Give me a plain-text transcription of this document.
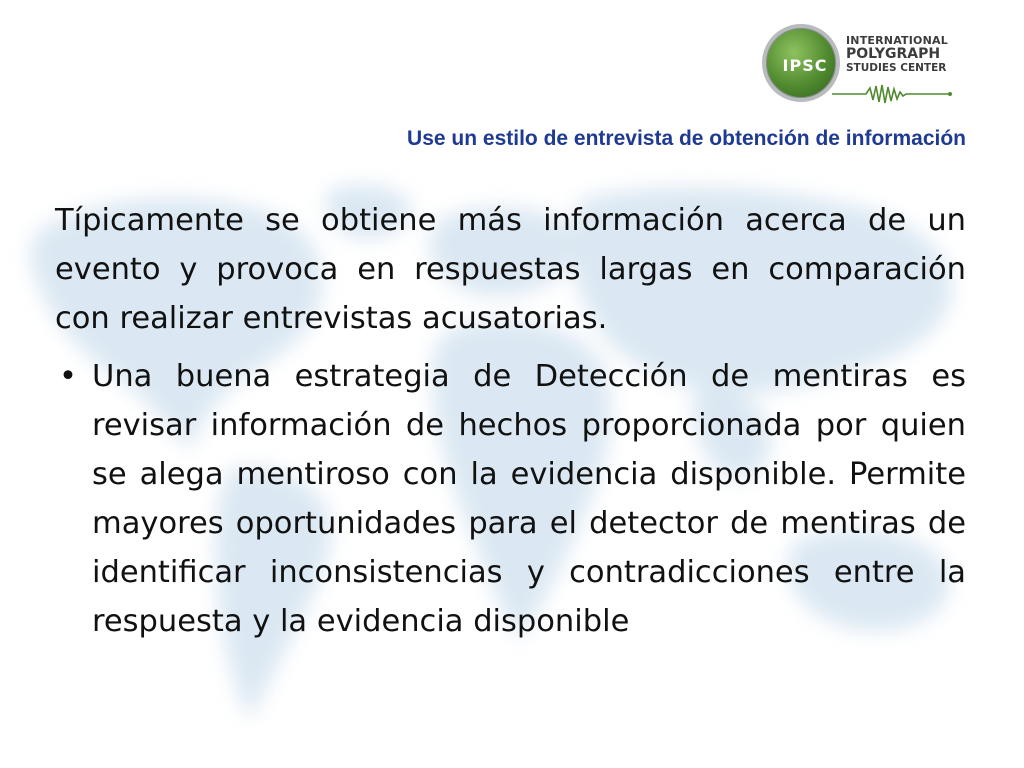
IPSC
INTERNATIONAL
POLYGRAPH
STUDIES CENTER
Use un estilo de entrevista de obtención de información

Típicamente se obtiene más información acerca de un evento y provoca en respuestas largas en comparación con realizar entrevistas acusatorias.

• Una buena estrategia de Detección de mentiras es revisar información de hechos proporcionada por quien se alega mentiroso con la evidencia disponible. Permite mayores oportunidades para el detector de mentiras de identificar inconsistencias y contradicciones entre la respuesta y la evidencia disponible
